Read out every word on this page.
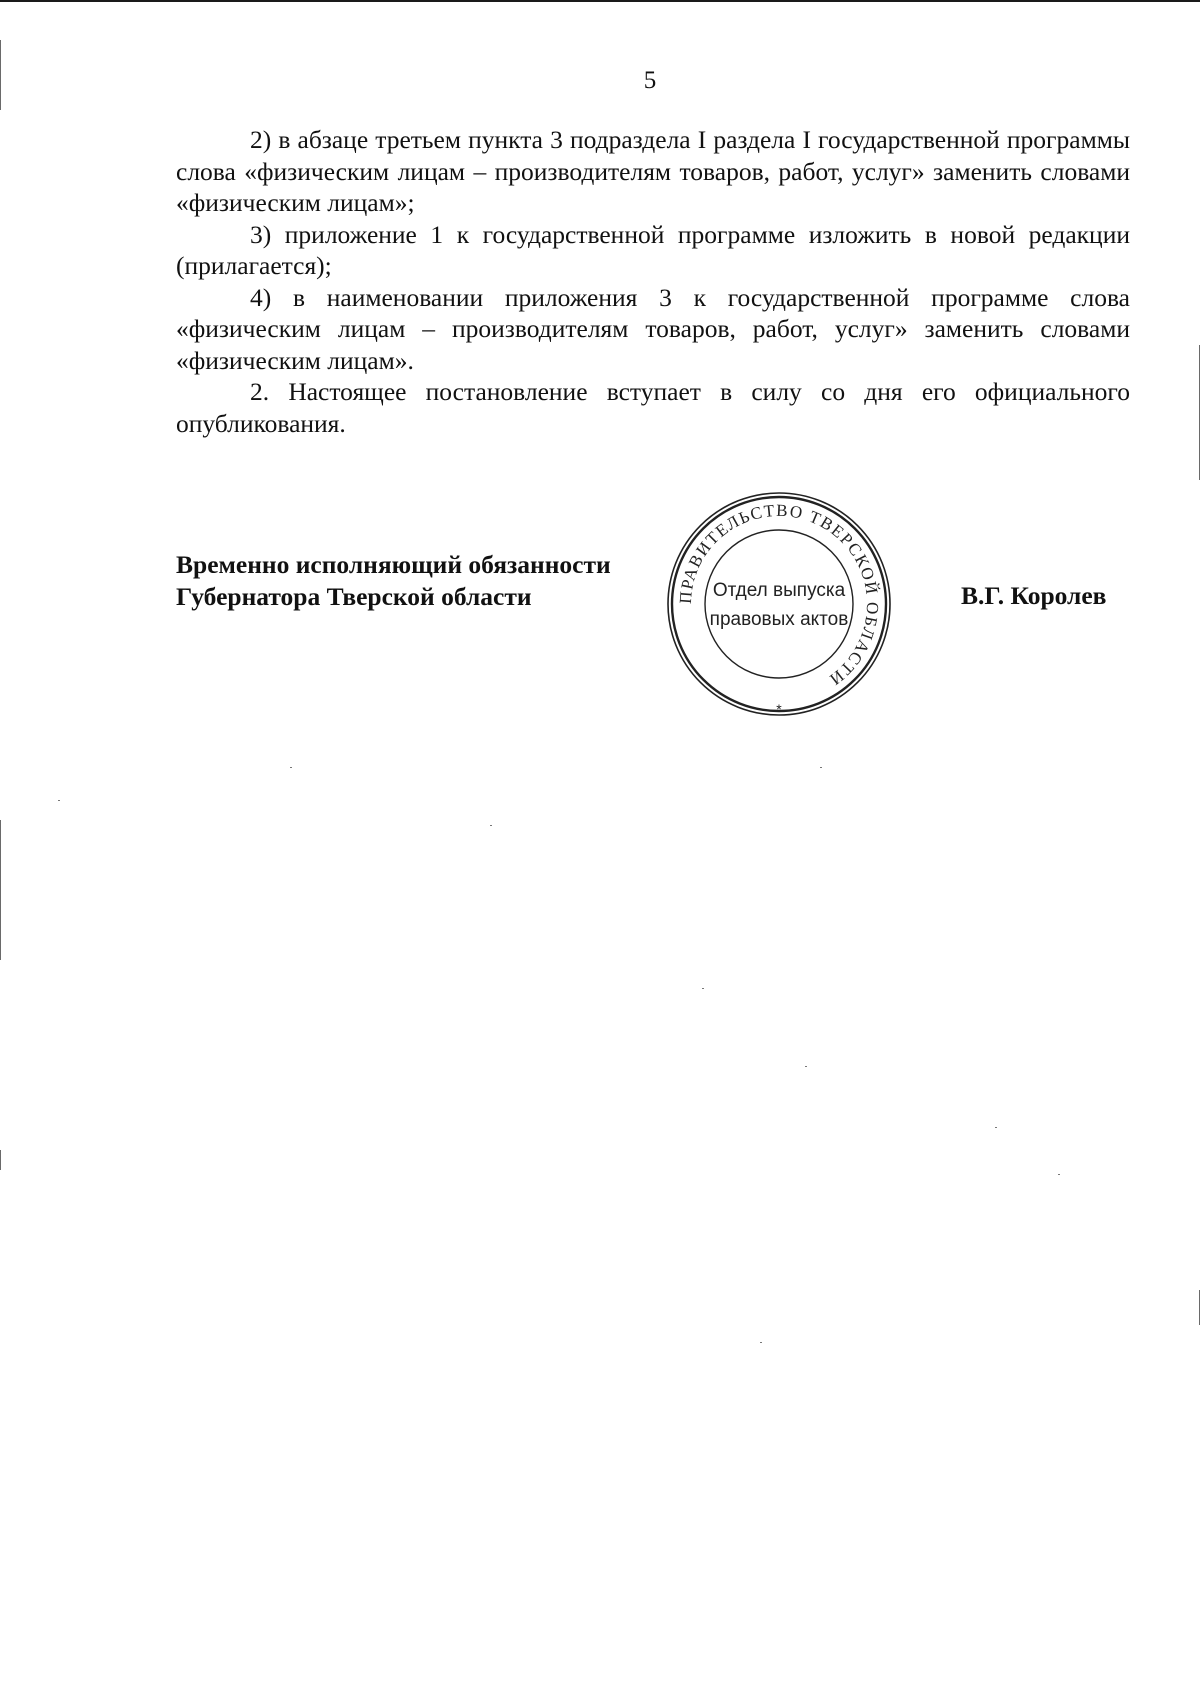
5

2) в абзаце третьем пункта 3 подраздела I раздела I государственной программы слова «физическим лицам – производителям товаров, работ, услуг» заменить словами «физическим лицам»;

3) приложение 1 к государственной программе изложить в новой редакции (прилагается);

4) в наименовании приложения 3 к государственной программе слова «физическим лицам – производителям товаров, работ, услуг» заменить словами «физическим лицам».

2. Настоящее постановление вступает в силу со дня его официального опубликования.

Временно исполняющий обязанности
Губернатора Тверской области	В.Г. Королев
ПРАВИТЕЛЬСТВО ТВЕРСКОЙ ОБЛАСТИ
Отдел выпуска
правовых актов
*
